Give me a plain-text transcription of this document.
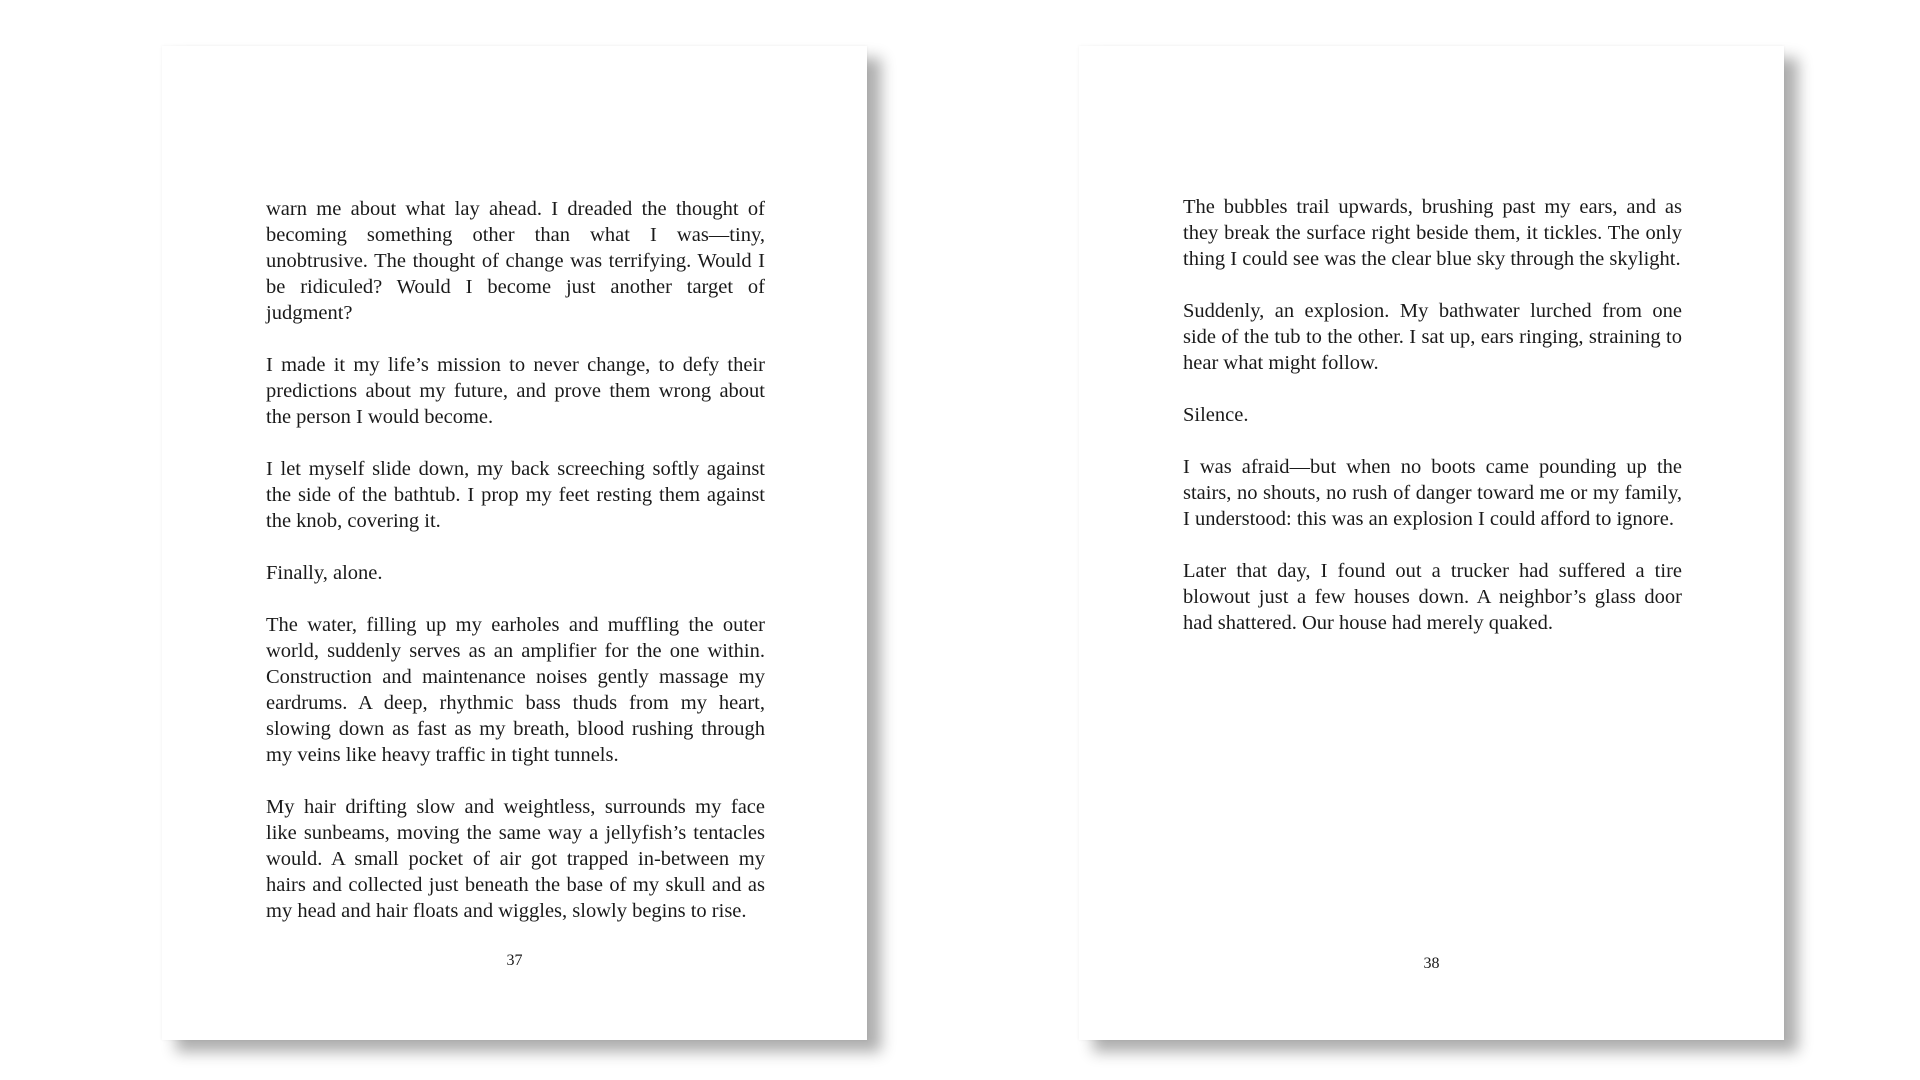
warn me about what lay ahead. I dreaded the thought of becoming something other than what I was—tiny, unobtrusive. The thought of change was terrifying. Would I be ridiculed? Would I become just another target of judgment?

I made it my life’s mission to never change, to defy their predictions about my future, and prove them wrong about the person I would become.

I let myself slide down, my back screeching softly against the side of the bathtub. I prop my feet resting them against the knob, covering it.

Finally, alone.

The water, filling up my earholes and muffling the outer world, suddenly serves as an amplifier for the one within. Construction and maintenance noises gently massage my eardrums. A deep, rhythmic bass thuds from my heart, slowing down as fast as my breath, blood rushing through my veins like heavy traffic in tight tunnels.

My hair drifting slow and weightless, surrounds my face like sunbeams, moving the same way a jellyfish’s tentacles would. A small pocket of air got trapped in-between my hairs and collected just beneath the base of my skull and as my head and hair floats and wiggles, slowly begins to rise.

37

The bubbles trail upwards, brushing past my ears, and as they break the surface right beside them, it tickles. The only thing I could see was the clear blue sky through the skylight.

Suddenly, an explosion. My bathwater lurched from one side of the tub to the other. I sat up, ears ringing, straining to hear what might follow.

Silence.

I was afraid—but when no boots came pounding up the stairs, no shouts, no rush of danger toward me or my family, I understood: this was an explosion I could afford to ignore.

Later that day, I found out a trucker had suffered a tire blowout just a few houses down. A neighbor’s glass door had shattered. Our house had merely quaked.

38
